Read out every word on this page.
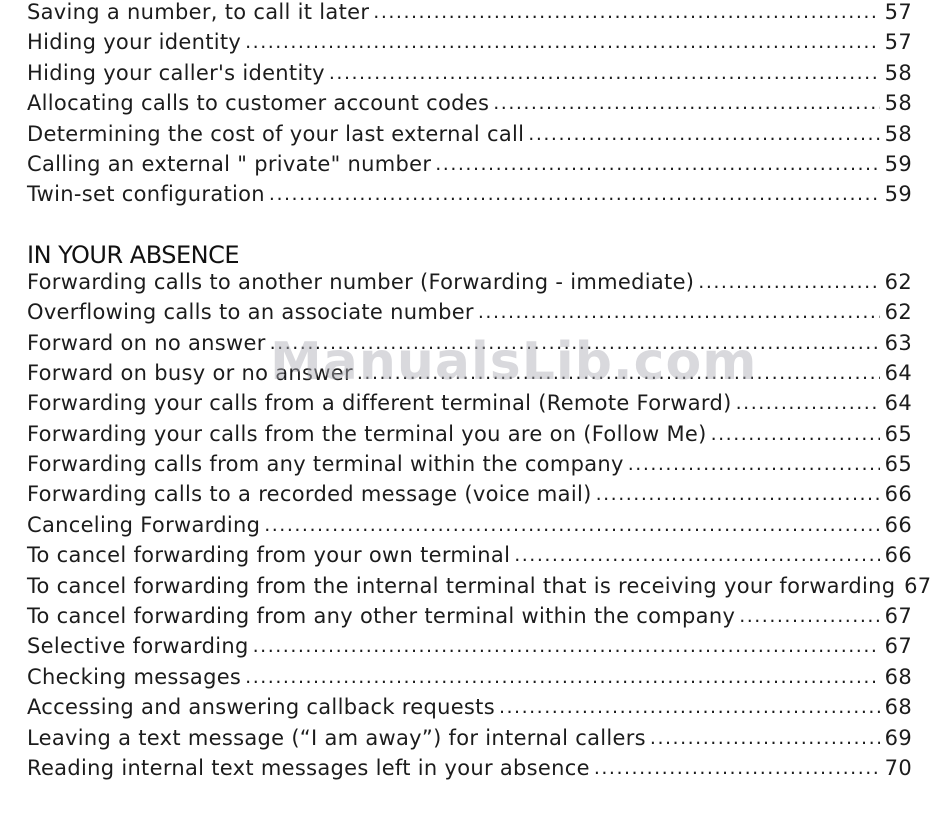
Saving a number, to call it later .....	57
Hiding your identity .....	57
Hiding your caller's identity .....	58
Allocating calls to customer account codes .....	58
Determining the cost of your last external call .....	58
Calling an external " private" number .....	59
Twin-set configuration .....	59
IN YOUR ABSENCE
Forwarding calls to another number (Forwarding - immediate) .....	62
Overflowing calls to an associate number .....	62
Forward on no answer .....	63
Forward on busy or no answer .....	64
Forwarding your calls from a different terminal (Remote Forward) .....	64
Forwarding your calls from the terminal you are on (Follow Me) .....	65
Forwarding calls from any terminal within the company .....	65
Forwarding calls to a recorded message (voice mail) .....	66
Canceling Forwarding .....	66
To cancel forwarding from your own terminal .....	66
To cancel forwarding from the internal terminal that is receiving your forwarding 67
To cancel forwarding from any other terminal within the company .....	67
Selective forwarding .....	67
Checking messages .....	68
Accessing and answering callback requests .....	68
Leaving a text message (“I am away”) for internal callers .....	69
Reading internal text messages left in your absence .....	70
ManualsLib.com
